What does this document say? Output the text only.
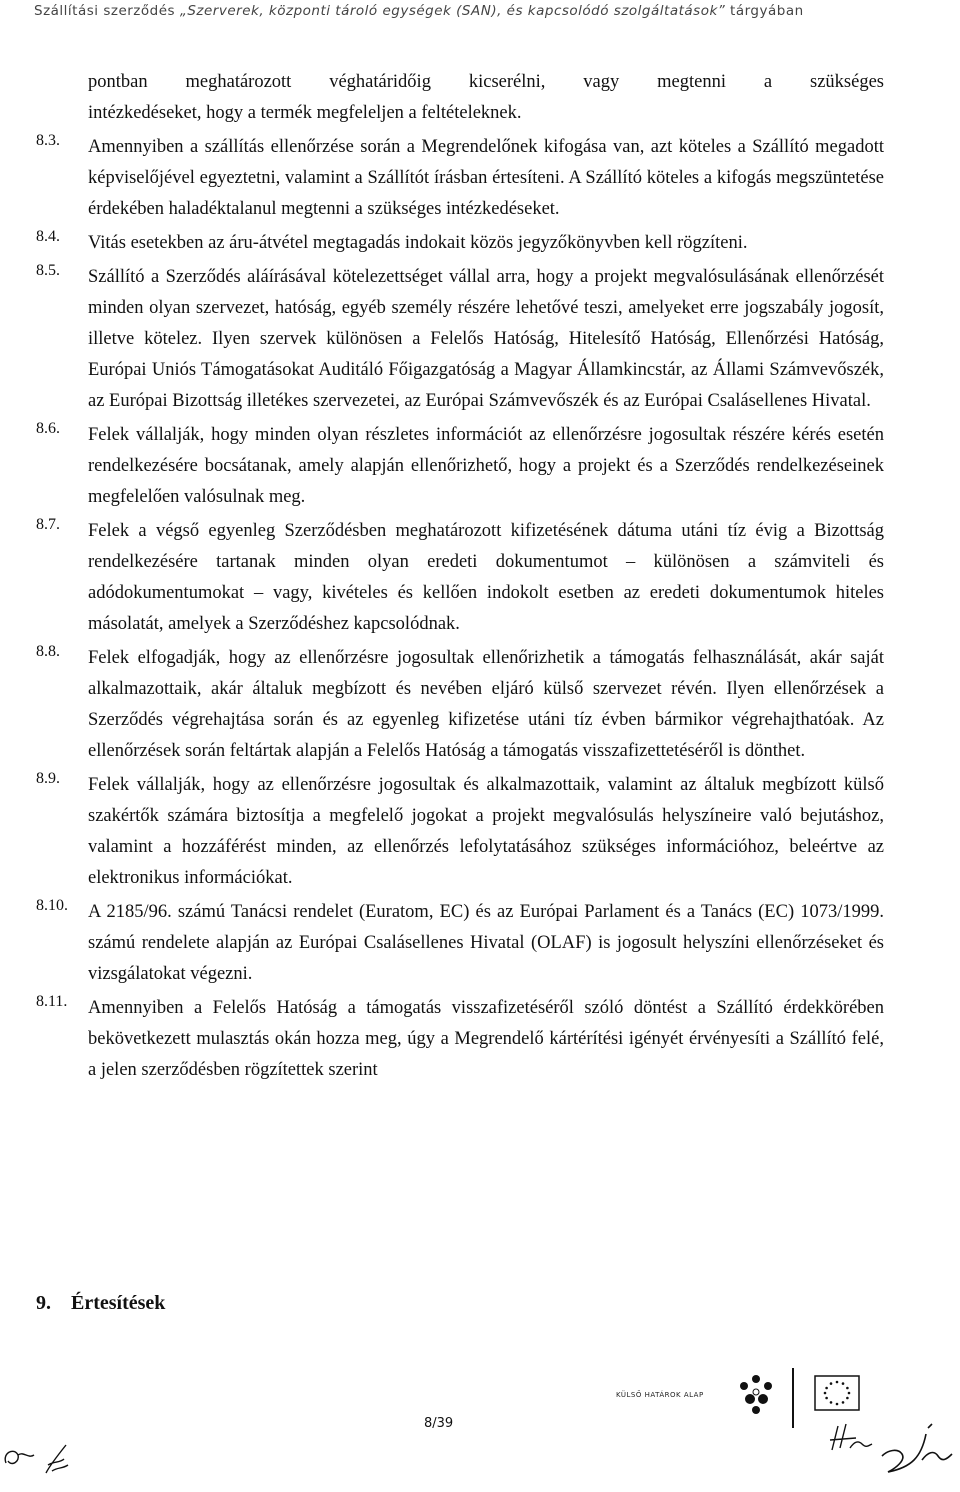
Szállítási szerződés „Szerverek, központi tároló egységek (SAN), és kapcsolódó szolgáltatások” tárgyában

pontban meghatározott véghatáridőig kicserélni, vagy megtenni a szükséges

intézkedéseket, hogy a termék megfeleljen a feltételeknek.

8.3.	Amennyiben a szállítás ellenőrzése során a Megrendelőnek kifogása van, azt köteles a Szállító megadott képviselőjével egyeztetni, valamint a Szállítót írásban értesíteni. A Szállító köteles a kifogás megszüntetése érdekében haladéktalanul megtenni a szükséges intézkedéseket.
8.4.	Vitás esetekben az áru-átvétel megtagadás indokait közös jegyzőkönyvben kell rögzíteni.
8.5.	Szállító a Szerződés aláírásával kötelezettséget vállal arra, hogy a projekt megvalósulásának ellenőrzését minden olyan szervezet, hatóság, egyéb személy részére lehetővé teszi, amelyeket erre jogszabály jogosít, illetve kötelez. Ilyen szervek különösen a Felelős Hatóság, Hitelesítő Hatóság, Ellenőrzési Hatóság, Európai Uniós Támogatásokat Auditáló Főigazgatóság a Magyar Államkincstár, az Állami Számvevőszék, az Európai Bizottság illetékes szervezetei, az Európai Számvevőszék és az Európai Csalásellenes Hivatal.
8.6.	Felek vállalják, hogy minden olyan részletes információt az ellenőrzésre jogosultak részére kérés esetén rendelkezésére bocsátanak, amely alapján ellenőrizhető, hogy a projekt és a Szerződés rendelkezéseinek megfelelően valósulnak meg.
8.7.	Felek a végső egyenleg Szerződésben meghatározott kifizetésének dátuma utáni tíz évig a Bizottság rendelkezésére tartanak minden olyan eredeti dokumentumot – különösen a számviteli és adódokumentumokat – vagy, kivételes és kellően indokolt esetben az eredeti dokumentumok hiteles másolatát, amelyek a Szerződéshez kapcsolódnak.
8.8.	Felek elfogadják, hogy az ellenőrzésre jogosultak ellenőrizhetik a támogatás felhasználását, akár saját alkalmazottaik, akár általuk megbízott és nevében eljáró külső szervezet révén. Ilyen ellenőrzések a Szerződés végrehajtása során és az egyenleg kifizetése utáni tíz évben bármikor végrehajthatóak. Az ellenőrzések során feltártak alapján a Felelős Hatóság a támogatás visszafizettetéséről is dönthet.
8.9.	Felek vállalják, hogy az ellenőrzésre jogosultak és alkalmazottaik, valamint az általuk megbízott külső szakértők számára biztosítja a megfelelő jogokat a projekt megvalósulás helyszíneire való bejutáshoz, valamint a hozzáférést minden, az ellenőrzés lefolytatásához szükséges információhoz, beleértve az elektronikus információkat.
8.10.	A 2185/96. számú Tanácsi rendelet (Euratom, EC) és az Európai Parlament és a Tanács (EC) 1073/1999. számú rendelete alapján az Európai Csalásellenes Hivatal (OLAF) is jogosult helyszíni ellenőrzéseket és vizsgálatokat végezni.
8.11.	Amennyiben a Felelős Hatóság a támogatás visszafizetéséről szóló döntést a Szállító érdekkörében bekövetkezett mulasztás okán hozza meg, úgy a Megrendelő kártérítési igényét érvényesíti a Szállító felé, a jelen szerződésben rögzítettek szerint
9. Értesítések
KÜLSŐ HATÁROK ALAP
8/39
